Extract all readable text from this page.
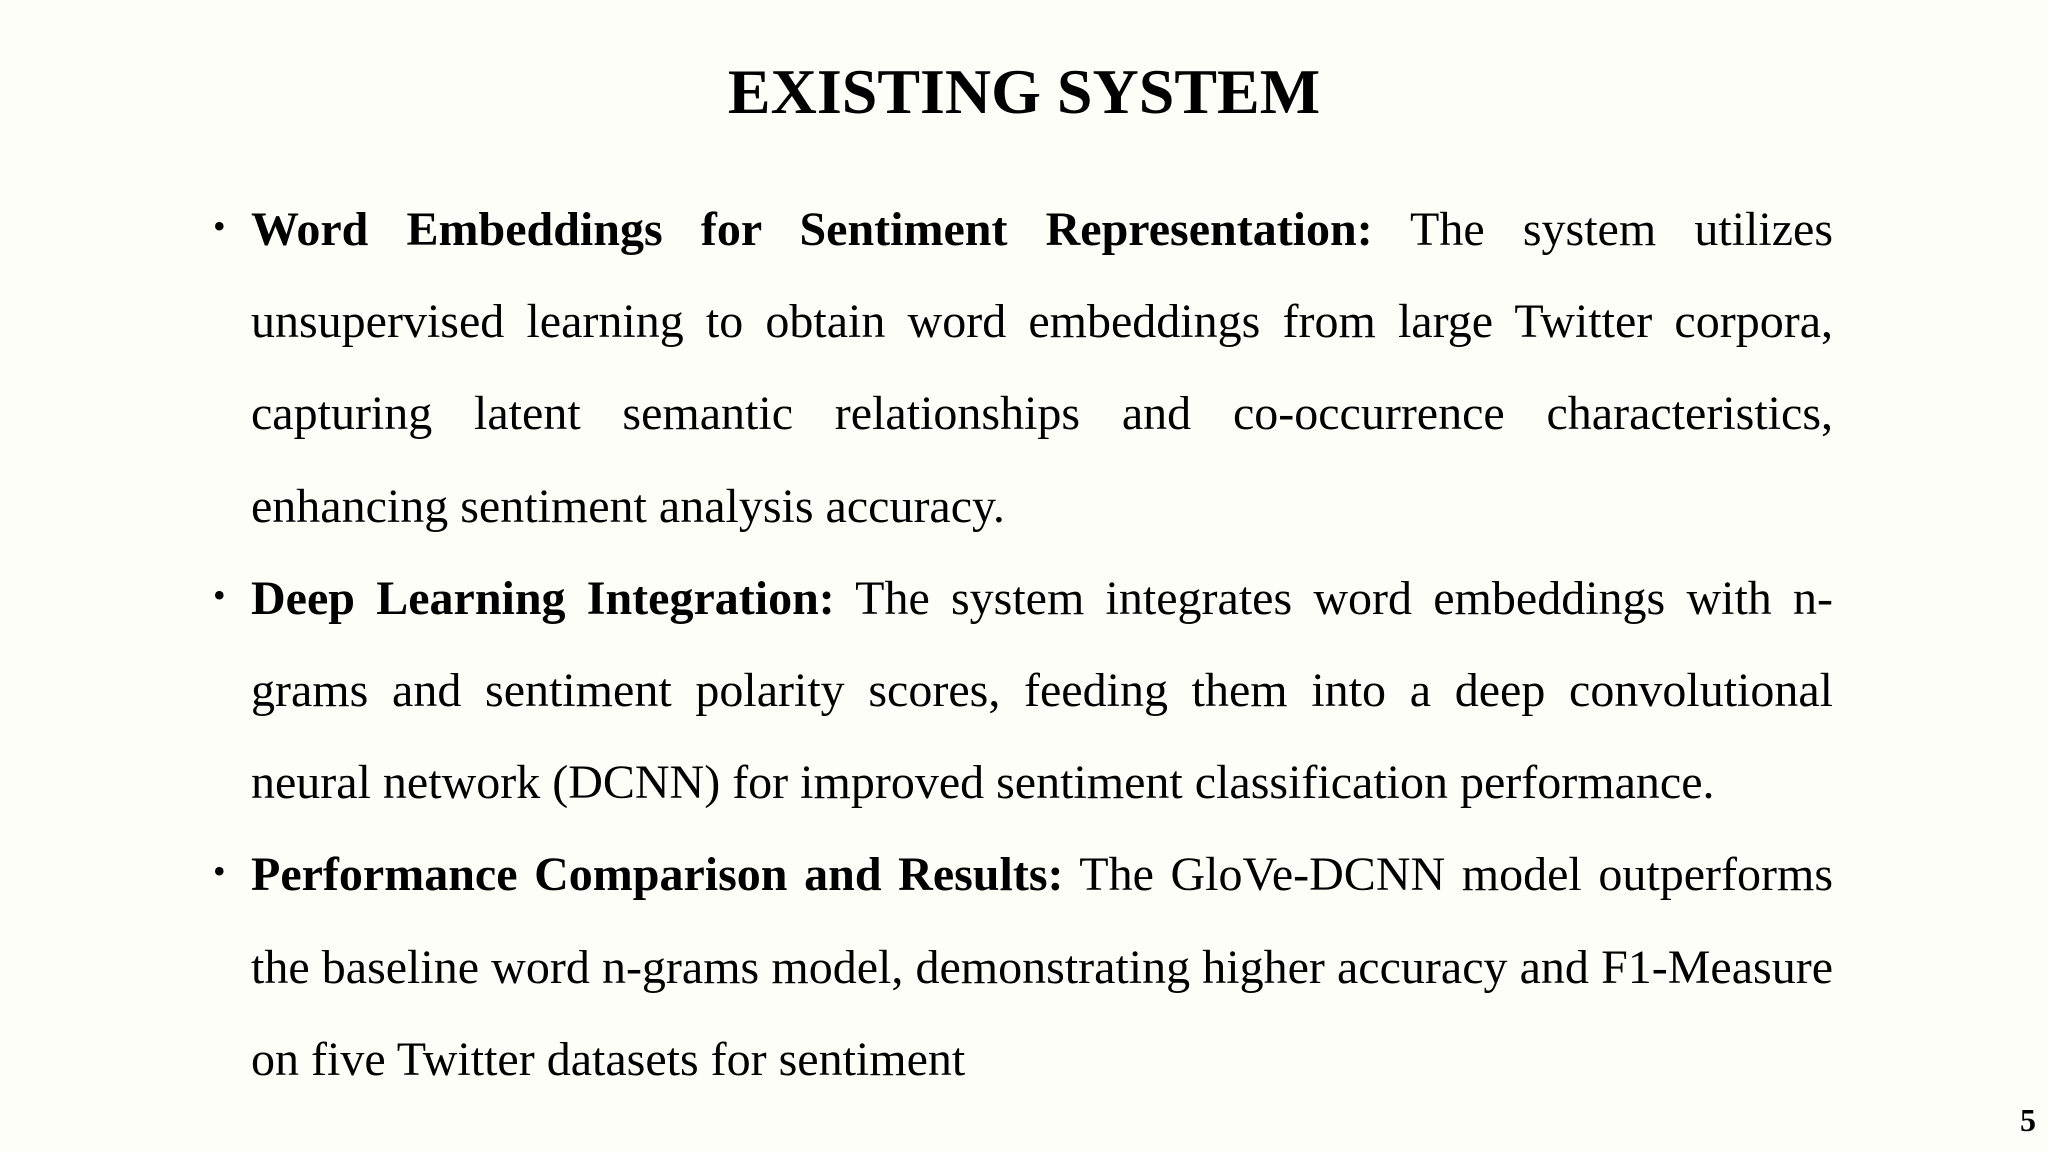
EXISTING SYSTEM
• Word Embeddings for Sentiment Representation: The system utilizes unsupervised learning to obtain word embeddings from large Twitter corpora, capturing latent semantic relationships and co-occurrence characteristics, enhancing sentiment analysis accuracy.
• Deep Learning Integration: The system integrates word embeddings with n-grams and sentiment polarity scores, feeding them into a deep convolutional neural network (DCNN) for improved sentiment classification performance.
• Performance Comparison and Results: The GloVe-DCNN model outperforms the baseline word n-grams model, demonstrating higher accuracy and F1-Measure on five Twitter datasets for sentiment
5
